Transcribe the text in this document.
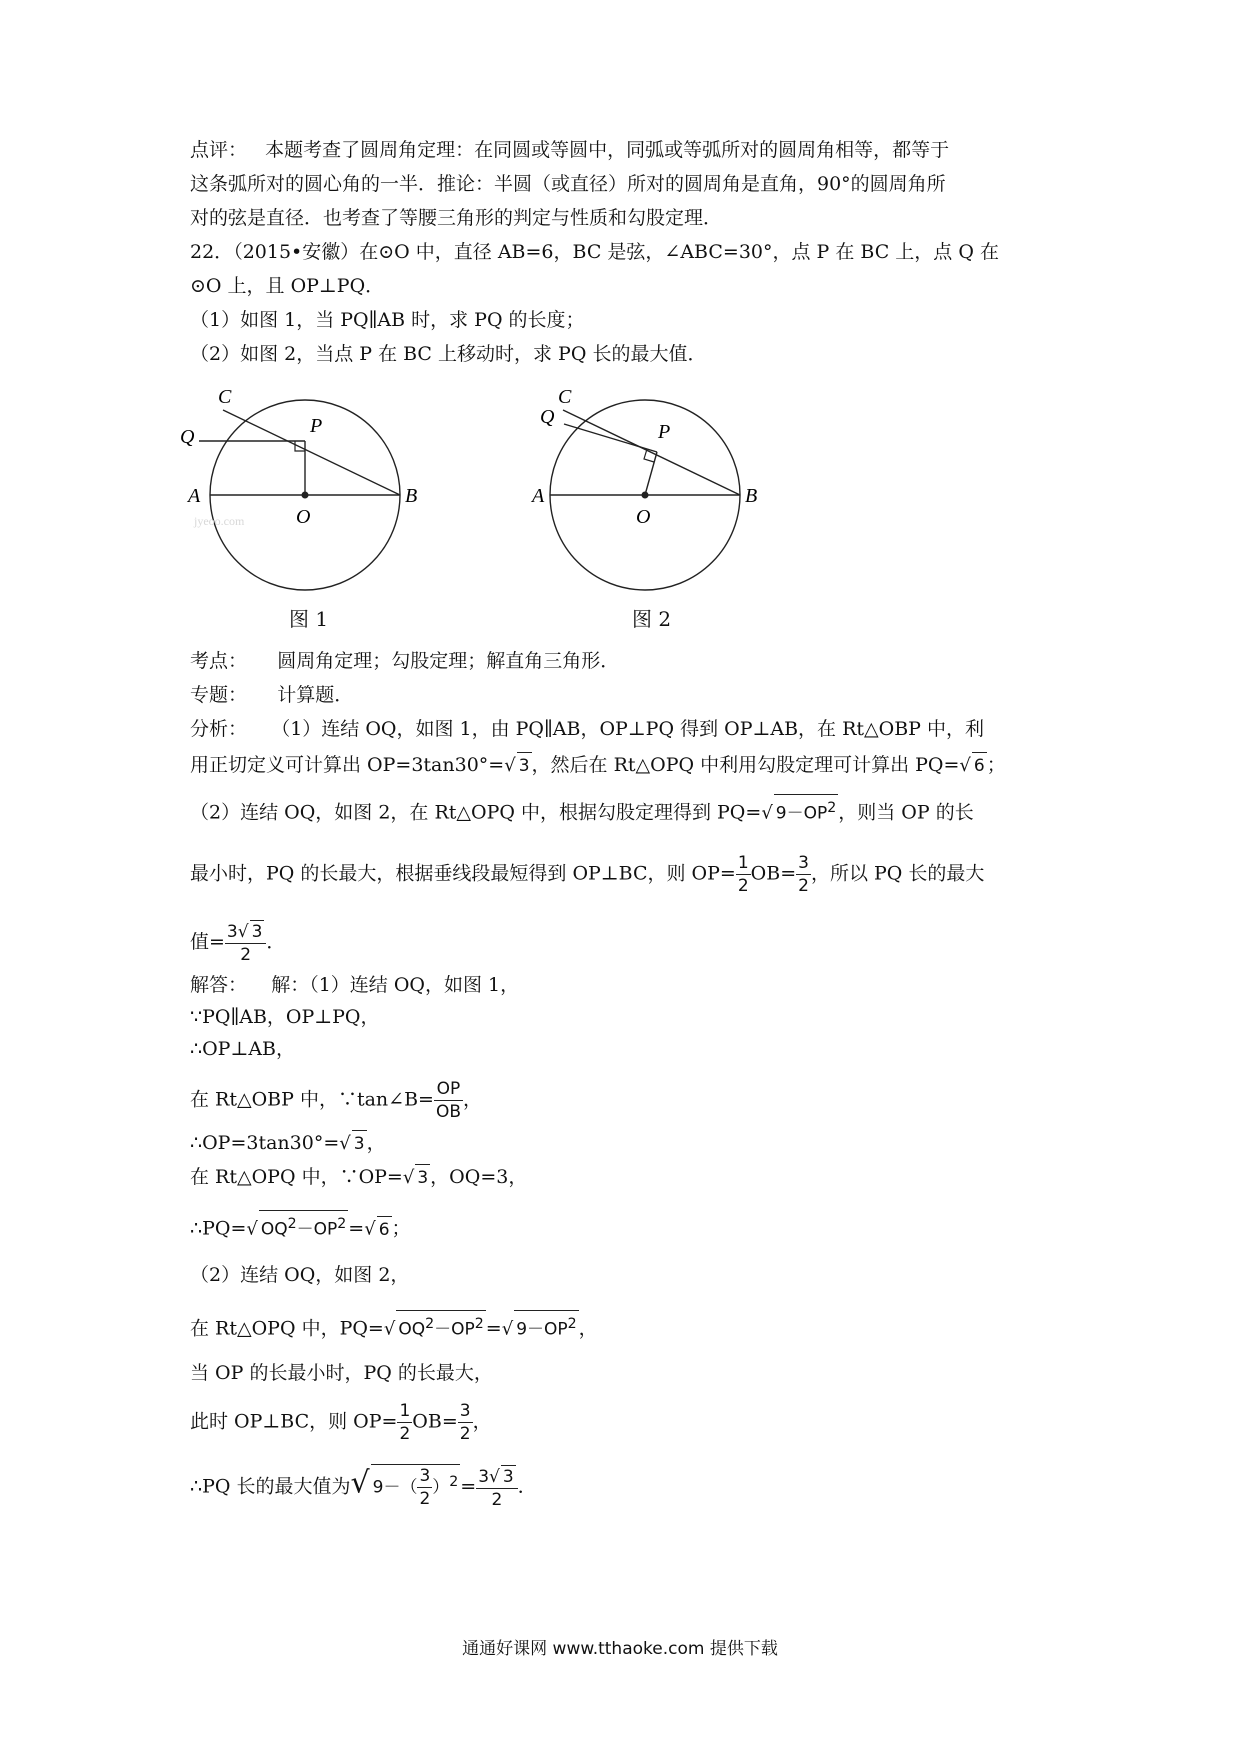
点评： 本题考查了圆周角定理：在同圆或等圆中，同弧或等弧所对的圆周角相等，都等于
这条弧所对的圆心角的一半．推论：半圆（或直径）所对的圆周角是直角，90°的圆周角所
对的弦是直径．也考查了等腰三角形的判定与性质和勾股定理．
22．（2015•安徽）在⊙O 中，直径 AB=6，BC 是弦，∠ABC=30°，点 P 在 BC 上，点 Q 在
⊙O 上，且 OP⊥PQ．
（1）如图 1，当 PQ∥AB 时，求 PQ 的长度；
（2）如图 2，当点 P 在 BC 上移动时，求 PQ 长的最大值．
C
Q	P
A
O
B
jyeoo.com
图 1
C
Q
P
A
O
B
图 2
考点： 圆周角定理；勾股定理；解直角三角形．
专题： 计算题．
分析： （1）连结 OQ，如图 1，由 PQ∥AB，OP⊥PQ 得到 OP⊥AB，在 Rt△OBP 中，利
用正切定义可计算出 OP=3tan30°=√ 3 ，然后在 Rt△OPQ 中利用勾股定理可计算出 PQ=√ 6 ；
（2）连结 OQ，如图 2，在 Rt△OPQ 中，根据勾股定理得到 PQ=√ $9-OP^2$ ，则当 OP 的长
最小时，PQ 的长最大，根据垂线段最短得到 OP⊥BC，则 $OP= \frac{1}{2} OB= \frac{3}{2}$ ，所以 PQ 长的最大
值= $\frac{3√ 3}{2}$ ．
解答： 解：（1）连结 OQ，如图 1，
∵PQ∥AB，OP⊥PQ，
∴OP⊥AB，
在 Rt△OBP 中，∵tan∠B= $\frac{OP}{OB}$ ，
∴OP=3tan30°=√ 3 ，
在 Rt△OPQ 中，∵OP=√ 3 ，OQ=3，
∴PQ=√ $OQ^2-OP^2$ =√ 6 ；
（2）连结 OQ，如图 2，
在 Rt△OPQ 中，PQ=√ $OQ^2-OP^2$ =√ $9-OP^2$ ，
当 OP 的长最小时，PQ 的长最大，
此时 OP⊥BC，则 $OP= \frac{1}{2} OB= \frac{3}{2}$ ，
∴PQ 长的最大值为√ $9-( \frac{3}{2} )^2 = \frac{3√ 3}{2}$ ．
通通好课网 www.tthaoke.com 提供下载
